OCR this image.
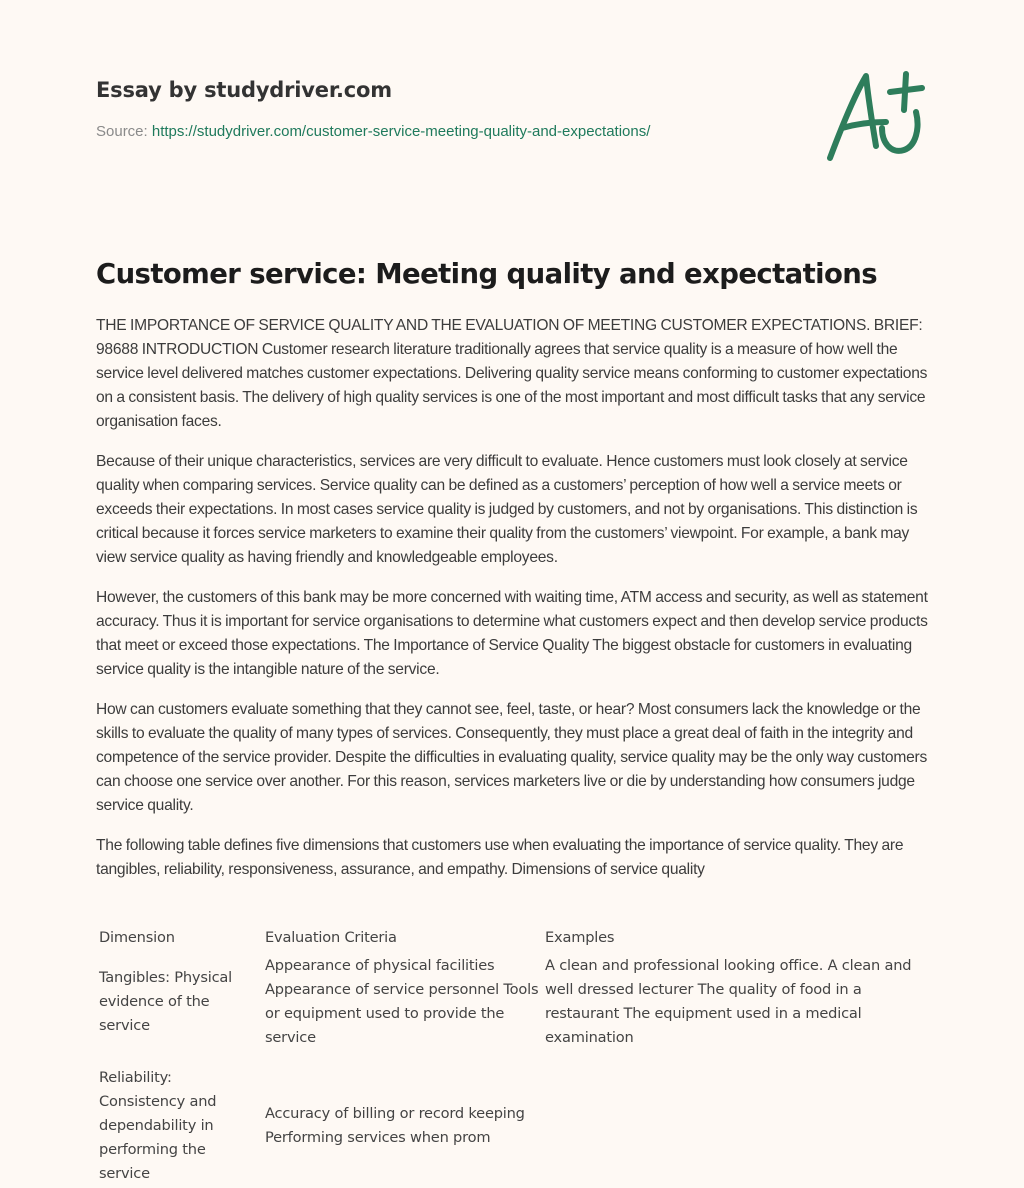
Essay by studydriver.com
Source: https://studydriver.com/customer-service-meeting-quality-and-expectations/
Customer service: Meeting quality and expectations

THE IMPORTANCE OF SERVICE QUALITY AND THE EVALUATION OF MEETING CUSTOMER EXPECTATIONS. BRIEF: 98688 INTRODUCTION Customer research literature traditionally agrees that service quality is a measure of how well the service level delivered matches customer expectations. Delivering quality service means conforming to customer expectations on a consistent basis. The delivery of high quality services is one of the most important and most difficult tasks that any service organisation faces.

Because of their unique characteristics, services are very difficult to evaluate. Hence customers must look closely at service quality when comparing services. Service quality can be defined as a customers’ perception of how well a service meets or exceeds their expectations. In most cases service quality is judged by customers, and not by organisations. This distinction is critical because it forces service marketers to examine their quality from the customers’ viewpoint. For example, a bank may view service quality as having friendly and knowledgeable employees.

However, the customers of this bank may be more concerned with waiting time, ATM access and security, as well as statement accuracy. Thus it is important for service organisations to determine what customers expect and then develop service products that meet or exceed those expectations. The Importance of Service Quality The biggest obstacle for customers in evaluating service quality is the intangible nature of the service.

How can customers evaluate something that they cannot see, feel, taste, or hear? Most consumers lack the knowledge or the skills to evaluate the quality of many types of services. Consequently, they must place a great deal of faith in the integrity and competence of the service provider. Despite the difficulties in evaluating quality, service quality may be the only way customers can choose one service over another. For this reason, services marketers live or die by understanding how consumers judge service quality.

The following table defines five dimensions that customers use when evaluating the importance of service quality. They are tangibles, reliability, responsiveness, assurance, and empathy. Dimensions of service quality

Dimension	Evaluation Criteria	Examples
Tangibles: Physical evidence of the service	Appearance of physical facilities Appearance of service personnel Tools or equipment used to provide the service	A clean and professional looking office. A clean and well dressed lecturer The quality of food in a restaurant The equipment used in a medical examination
Reliability: Consistency and dependability in performing the service	Accuracy of billing or record keeping Performing services when prom	
